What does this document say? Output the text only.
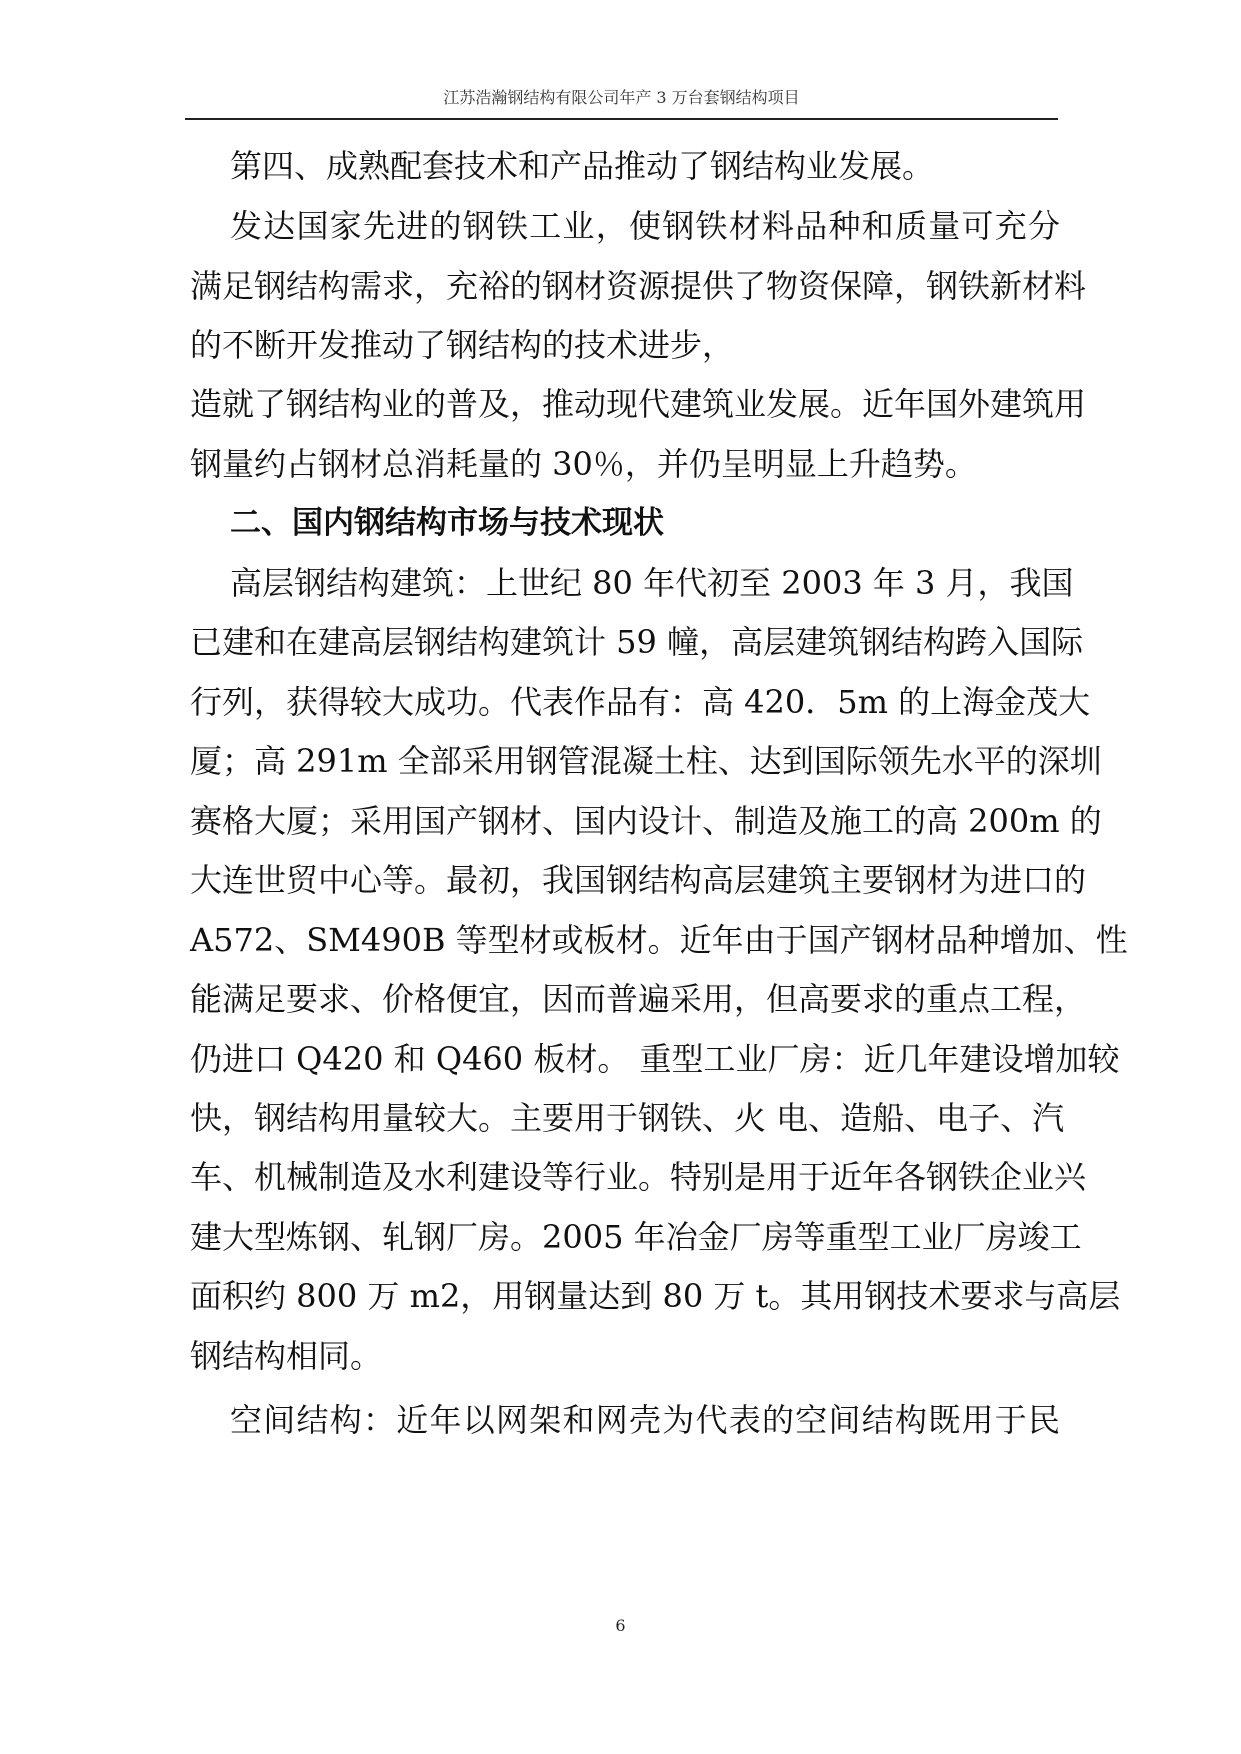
江苏浩瀚钢结构有限公司年产 3 万台套钢结构项目
第四、成熟配套技术和产品推动了钢结构业发展。
发达国家先进的钢铁工业，使钢铁材料品种和质量可充分
满足钢结构需求，充裕的钢材资源提供了物资保障，钢铁新材料
的不断开发推动了钢结构的技术进步，
造就了钢结构业的普及，推动现代建筑业发展。近年国外建筑用
钢量约占钢材总消耗量的 30％，并仍呈明显上升趋势。
二、国内钢结构市场与技术现状
高层钢结构建筑：上世纪 80 年代初至 2003 年 3 月，我国
已建和在建高层钢结构建筑计 59 幢，高层建筑钢结构跨入国际
行列，获得较大成功。代表作品有：高 420．5m 的上海金茂大
厦；高 291m 全部采用钢管混凝土柱、达到国际领先水平的深圳
赛格大厦；采用国产钢材、国内设计、制造及施工的高 200m 的
大连世贸中心等。最初，我国钢结构高层建筑主要钢材为进口的
A572、SM490B 等型材或板材。近年由于国产钢材品种增加、性
能满足要求、价格便宜，因而普遍采用，但高要求的重点工程，
仍进口 Q420 和 Q460 板材。 重型工业厂房：近几年建设增加较
快，钢结构用量较大。主要用于钢铁、火 电、造船、电子、汽
车、机械制造及水利建设等行业。特别是用于近年各钢铁企业兴
建大型炼钢、轧钢厂房。2005 年冶金厂房等重型工业厂房竣工
面积约 800 万 m2，用钢量达到 80 万 t。其用钢技术要求与高层
钢结构相同。
空间结构：近年以网架和网壳为代表的空间结构既用于民
6
